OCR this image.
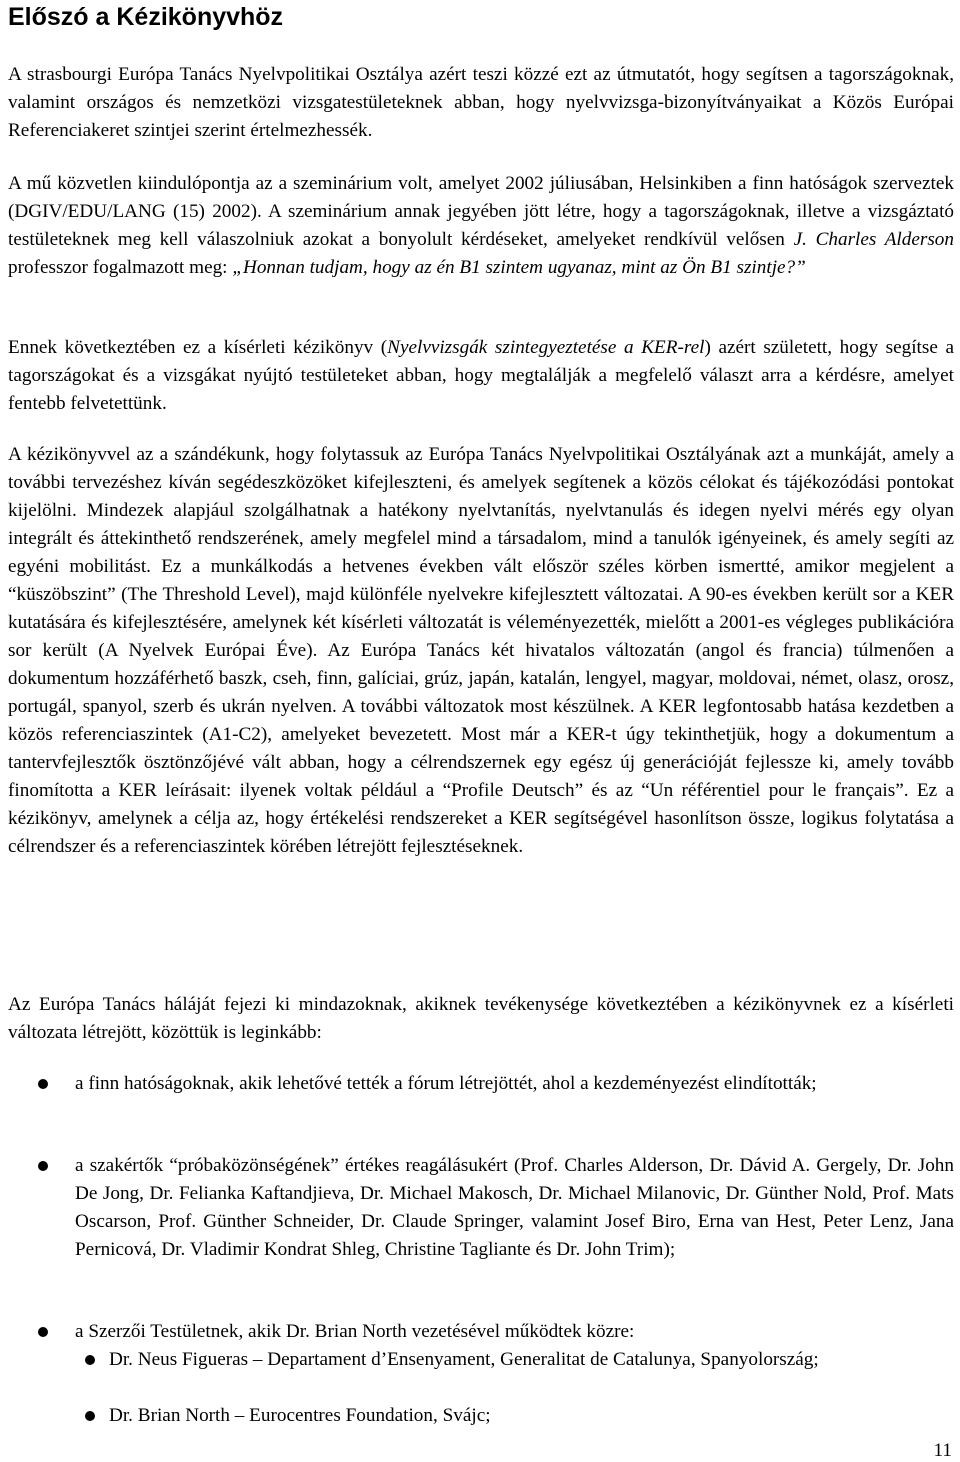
Előszó a Kézikönyvhöz

A strasbourgi Európa Tanács Nyelvpolitikai Osztálya azért teszi közzé ezt az útmutatót, hogy segítsen a tagországoknak, valamint országos és nemzetközi vizsgatestületeknek abban, hogy nyelvvizsga-bizonyítványaikat a Közös Európai Referenciakeret szintjei szerint értelmezhessék.

A mű közvetlen kiindulópontja az a szeminárium volt, amelyet 2002 júliusában, Helsinkiben a finn hatóságok szerveztek (DGIV/EDU/LANG (15) 2002). A szeminárium annak jegyében jött létre, hogy a tagországoknak, illetve a vizsgáztató testületeknek meg kell válaszolniuk azokat a bonyolult kérdéseket, amelyeket rendkívül velősen J. Charles Alderson professzor fogalmazott meg: „Honnan tudjam, hogy az én B1 szintem ugyanaz, mint az Ön B1 szintje?”

Ennek következtében ez a kísérleti kézikönyv (Nyelvvizsgák szintegyeztetése a KER-rel) azért született, hogy segítse a tagországokat és a vizsgákat nyújtó testületeket abban, hogy megtalálják a megfelelő választ arra a kérdésre, amelyet fentebb felvetettünk.

A kézikönyvvel az a szándékunk, hogy folytassuk az Európa Tanács Nyelvpolitikai Osztályának azt a munkáját, amely a további tervezéshez kíván segédeszközöket kifejleszteni, és amelyek segítenek a közös célokat és tájékozódási pontokat kijelölni. Mindezek alapjául szolgálhatnak a hatékony nyelvtanítás, nyelvtanulás és idegen nyelvi mérés egy olyan integrált és áttekinthető rendszerének, amely megfelel mind a társadalom, mind a tanulók igényeinek, és amely segíti az egyéni mobilitást. Ez a munkálkodás a hetvenes években vált először széles körben ismertté, amikor megjelent a “küszöbszint” (The Threshold Level), majd különféle nyelvekre kifejlesztett változatai. A 90-es években került sor a KER kutatására és kifejlesztésére, amelynek két kísérleti változatát is véleményezették, mielőtt a 2001-es végleges publikációra sor került (A Nyelvek Európai Éve). Az Európa Tanács két hivatalos változatán (angol és francia) túlmenően a dokumentum hozzáférhető baszk, cseh, finn, galíciai, grúz, japán, katalán, lengyel, magyar, moldovai, német, olasz, orosz, portugál, spanyol, szerb és ukrán nyelven. A további változatok most készülnek. A KER legfontosabb hatása kezdetben a közös referenciaszintek (A1-C2), amelyeket bevezetett. Most már a KER-t úgy tekinthetjük, hogy a dokumentum a tantervfejlesztők ösztönzőjévé vált abban, hogy a célrendszernek egy egész új generációját fejlessze ki, amely tovább finomította a KER leírásait: ilyenek voltak például a “Profile Deutsch” és az “Un référentiel pour le français”. Ez a kézikönyv, amelynek a célja az, hogy értékelési rendszereket a KER segítségével hasonlítson össze, logikus folytatása a célrendszer és a referenciaszintek körében létrejött fejlesztéseknek.

Az Európa Tanács háláját fejezi ki mindazoknak, akiknek tevékenysége következtében a kézikönyvnek ez a kísérleti változata létrejött, közöttük is leginkább:

a finn hatóságoknak, akik lehetővé tették a fórum létrejöttét, ahol a kezdeményezést elindították;
a szakértők “próbaközönségének” értékes reagálásukért (Prof. Charles Alderson, Dr. Dávid A. Gergely, Dr. John De Jong, Dr. Felianka Kaftandjieva, Dr. Michael Makosch, Dr. Michael Milanovic, Dr. Günther Nold, Prof. Mats Oscarson, Prof. Günther Schneider, Dr. Claude Springer, valamint Josef Biro, Erna van Hest, Peter Lenz, Jana Pernicová, Dr. Vladimir Kondrat Shleg, Christine Tagliante és Dr. John Trim);
a Szerzői Testületnek, akik Dr. Brian North vezetésével működtek közre:
Dr. Neus Figueras – Departament d’Ensenyament, Generalitat de Catalunya, Spanyolország;
Dr. Brian North – Eurocentres Foundation, Svájc;
11
